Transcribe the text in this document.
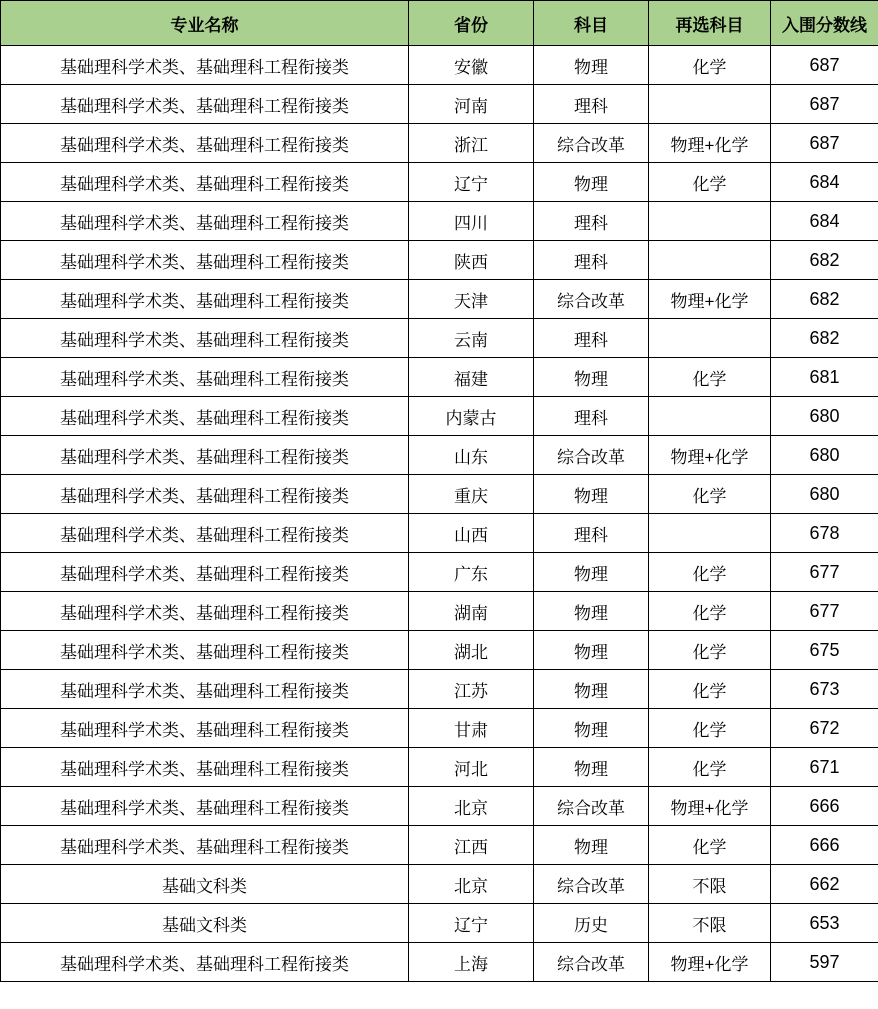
专业名称	省份	科目	再选科目	入围分数线
基础理科学术类、基础理科工程衔接类	安徽	物理	化学	687
基础理科学术类、基础理科工程衔接类	河南	理科		687
基础理科学术类、基础理科工程衔接类	浙江	综合改革	物理+化学	687
基础理科学术类、基础理科工程衔接类	辽宁	物理	化学	684
基础理科学术类、基础理科工程衔接类	四川	理科		684
基础理科学术类、基础理科工程衔接类	陕西	理科		682
基础理科学术类、基础理科工程衔接类	天津	综合改革	物理+化学	682
基础理科学术类、基础理科工程衔接类	云南	理科		682
基础理科学术类、基础理科工程衔接类	福建	物理	化学	681
基础理科学术类、基础理科工程衔接类	内蒙古	理科		680
基础理科学术类、基础理科工程衔接类	山东	综合改革	物理+化学	680
基础理科学术类、基础理科工程衔接类	重庆	物理	化学	680
基础理科学术类、基础理科工程衔接类	山西	理科		678
基础理科学术类、基础理科工程衔接类	广东	物理	化学	677
基础理科学术类、基础理科工程衔接类	湖南	物理	化学	677
基础理科学术类、基础理科工程衔接类	湖北	物理	化学	675
基础理科学术类、基础理科工程衔接类	江苏	物理	化学	673
基础理科学术类、基础理科工程衔接类	甘肃	物理	化学	672
基础理科学术类、基础理科工程衔接类	河北	物理	化学	671
基础理科学术类、基础理科工程衔接类	北京	综合改革	物理+化学	666
基础理科学术类、基础理科工程衔接类	江西	物理	化学	666
基础文科类	北京	综合改革	不限	662
基础文科类	辽宁	历史	不限	653
基础理科学术类、基础理科工程衔接类	上海	综合改革	物理+化学	597
